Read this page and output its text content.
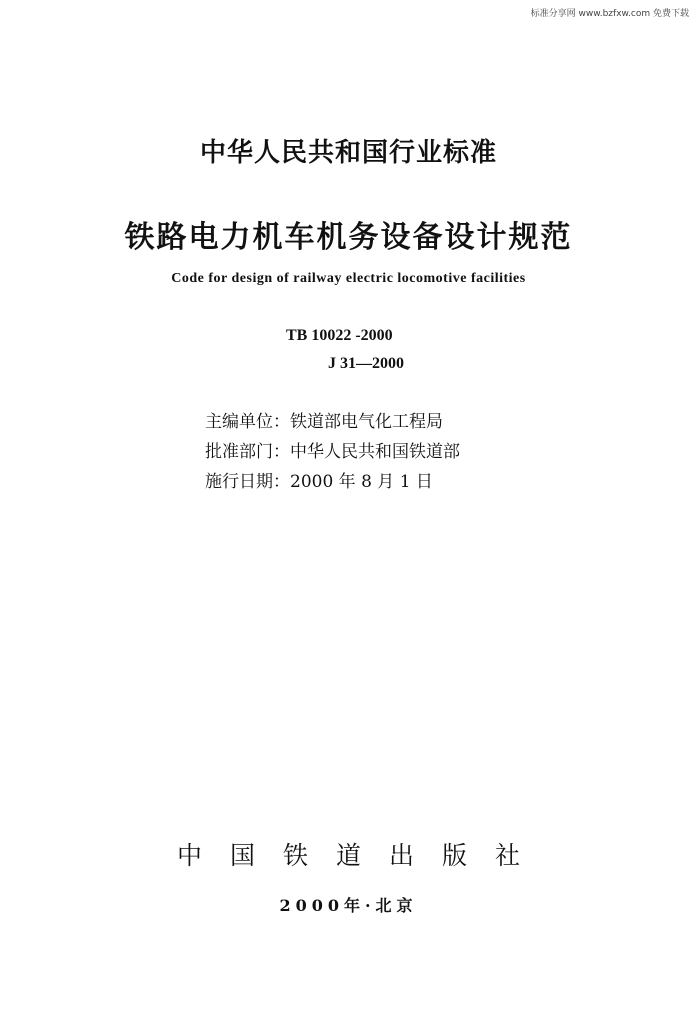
标准分享网 www.bzfxw.com 免费下载
中华人民共和国行业标准
铁路电力机车机务设备设计规范
Code for design of railway electric locomotive facilities
TB 10022 -2000
J 31—2000
主编单位：铁道部电气化工程局
批准部门：中华人民共和国铁道部
施行日期：2000 年 8 月 1 日
中国铁道出版社
2000年·北京
